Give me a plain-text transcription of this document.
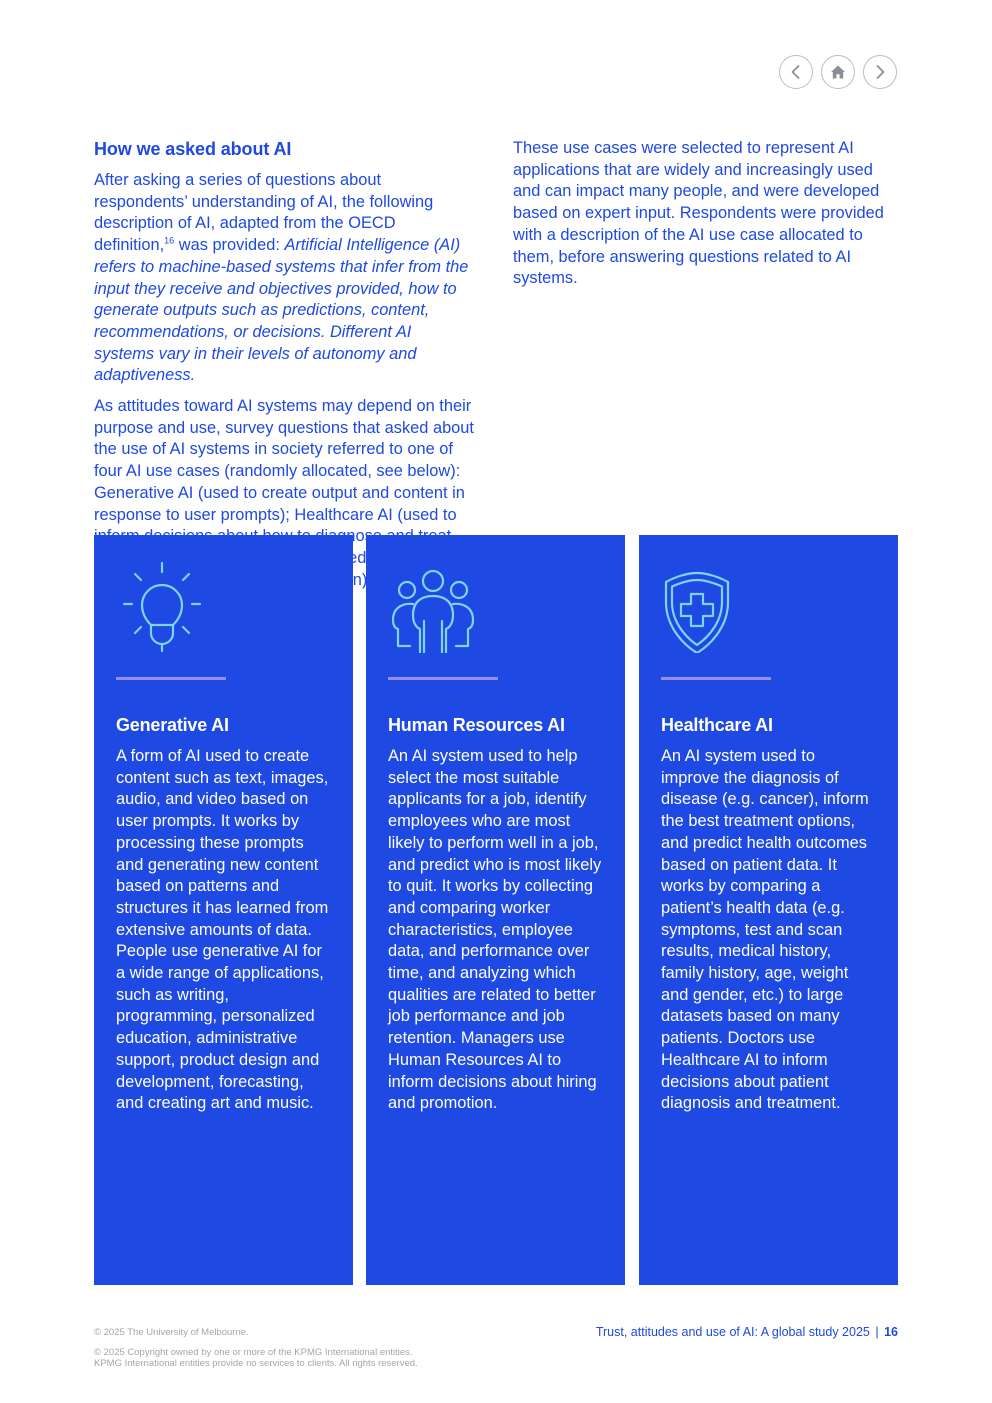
How we asked about AI

After asking a series of questions about respondents’ understanding of AI, the following description of AI, adapted from the OECD definition,$^{16}$ was provided: Artificial Intelligence (AI) refers to machine-based systems that infer from the input they receive and objectives provided, how to generate outputs such as predictions, content, recommendations, or decisions. Different AI systems vary in their levels of autonomy and adaptiveness.

As attitudes toward AI systems may depend on their purpose and use, survey questions that asked about the use of AI systems in society referred to one of four AI use cases (randomly allocated, see below): Generative AI (used to create output and content in response to user prompts); Healthcare AI (used to

These use cases were selected to represent AI applications that are widely and increasingly used and can impact many people, and were developed based on expert input. Respondents were provided with a description of the AI use case allocated to them, before answering questions related to AI systems.

Generative AI
A form of AI used to create content such as text, images, audio, and video based on user prompts. It works by processing these prompts and generating new content based on patterns and structures it has learned from extensive amounts of data. People use generative AI for a wide range of applications, such as writing, programming, personalized education, administrative support, product design and development, forecasting, and creating art and music.
Human Resources AI
An AI system used to help select the most suitable applicants for a job, identify employees who are most likely to perform well in a job, and predict who is most likely to quit. It works by collecting and comparing worker characteristics, employee data, and performance over time, and analyzing which qualities are related to better job performance and job retention. Managers use Human Resources AI to inform decisions about hiring and promotion.
Healthcare AI
An AI system used to improve the diagnosis of disease (e.g. cancer), inform the best treatment options, and predict health outcomes based on patient data. It works by comparing a patient’s health data (e.g. symptoms, test and scan results, medical history, family history, age, weight and gender, etc.) to large datasets based on many patients. Doctors use Healthcare AI to inform decisions about patient diagnosis and treatment.
© 2025 The University of Melbourne.
© 2025 Copyright owned by one or more of the KPMG International entities.
KPMG International entities provide no services to clients. All rights reserved.
Trust, attitudes and use of AI: A global study 2025 | 16
